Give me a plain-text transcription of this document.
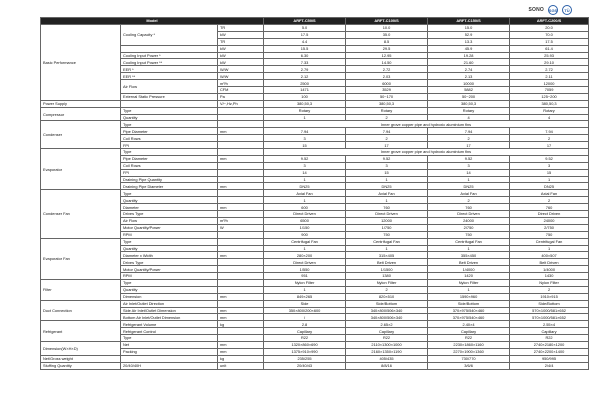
SONO SGS	TÜ
Model			ARFT-C50/S	ARFT-C100/S	ARFT-C150/S	ARFT-C200/S
Basic Performance	Cooling Capacity *	TR	5.0	10.0	15.0	20.0
		kW	17.5	35.0	52.9	70.0
		TR	4.4	8.5	13.3	17.5
		kW	15.5	29.5	45.9	61.4
	Cooling Input Power *	kW	6.30	12.95	19.28	25.93
	Cooling Input Power **	kW	7.33	14.50	21.60	29.10
	EER *	W/W	2.79	2.72	2.74	2.72
	EER **	W/W	2.12	2.03	2.13	2.11
	Air Flow	m³/h	2500	6000	10000	12000
		CFM	1471	3529	5882	7059
	External Static Pressure	Pa	100	50~170	50~200	125~200
Power Supply		V/~,Hz,Ph	380,50,3	380,50,3	380,50,3	380,50,3
Compressor	Type		Rotary	Rotary	Rotary	Rotary
	Quantity		1	2	4	4
Condenser	Type		Inner grove copper pipe and hydroxic aluminium fins			
	Pipe Diameter	mm	7.94	7.94	7.94	7.94
	Coil Rows		3	2	2	2
	FPI		15	17	17	17
Evaporator	Type		Inner grove copper pipe and hydroxic aluminium fins			
	Pipe Diameter	mm	9.52	9.52	9.52	9.52
	Coil Rows		3	3	3	3
	FPI		14	15	14	15
	Draining Pipe Quantity		1	1	1	1
	Draining Pipe Diameter	mm	DN25	DN25	DN25	DN25
Condenser Fan	Type		Axial Fan	Axial Fan	Axial Fan	Axial Fan
	Quantity		1	1	2	2
	Diameter	mm	600	760	760	760
	Drives Type		Direct Driven	Direct Driven	Direct Driven	Direct Driven
	Air Flow	m³/h	6500	12000	24000	24000
	Motor Quantity/Power	W	1/150	1/750	2/750	2/750
	RPM		900	750	750	750
Evaporator Fan	Type		Centrifugal Fan	Centrifugal Fan	Centrifugal Fan	Centrifugal Fan
	Quantity		1	1	1	1
	Diameter x Width	mm	280×200	315×405	355×450	400×507
	Drives Type		Direct Driven	Belt Driven	Belt Driven	Belt Driven
	Motor Quantity/Power		1/550	1/1500	1/4000	1/4000
	RPM		951	1380	1420	1430
Filter	Type		Nylon Filter	Nylon Filter	Nylon Filter	Nylon Filter
	Quantity		1	2	1	2
	Dimension	mm	849×265	820×510	1590×960	1910×915
Duct Connection	Air Inlet/Outlet Direction		Side	Side/Bottom	Side/Bottom	Side/Bottom
	Side Air Inlet/Outlet Dimension	mm	350×800/200×600	340×800/506×340	370×975/540×460	570×1000/581×652
	Bottom Air Inlet/Outlet Dimension	mm	/	340×800/506×340	370×975/540×460	570×1000/581×652
Refrigerant	Refrigerant Volume	kg	2.8	2.65×2	2.40×4	2.55×4
	Refrigerant Control		Capillary	Capillary	Capillary	Capillary
	Type		R22	R22	R22	R22
Dimension(W×H×D)	Net	mm	1320×860×690	2110×1300×1000	2230×1860×1160	2740×2180×1200
	Packing	mm	1375×910×990	2160×1350×1190	2270×1900×1360	2740×2200×1400
Net/Gross weight		kg	235/255	405/435	730/770	950/995
Stuffing Quantity	20/40/40H	unit	20/40/43	8/8/16	3/6/6	2/4/4
